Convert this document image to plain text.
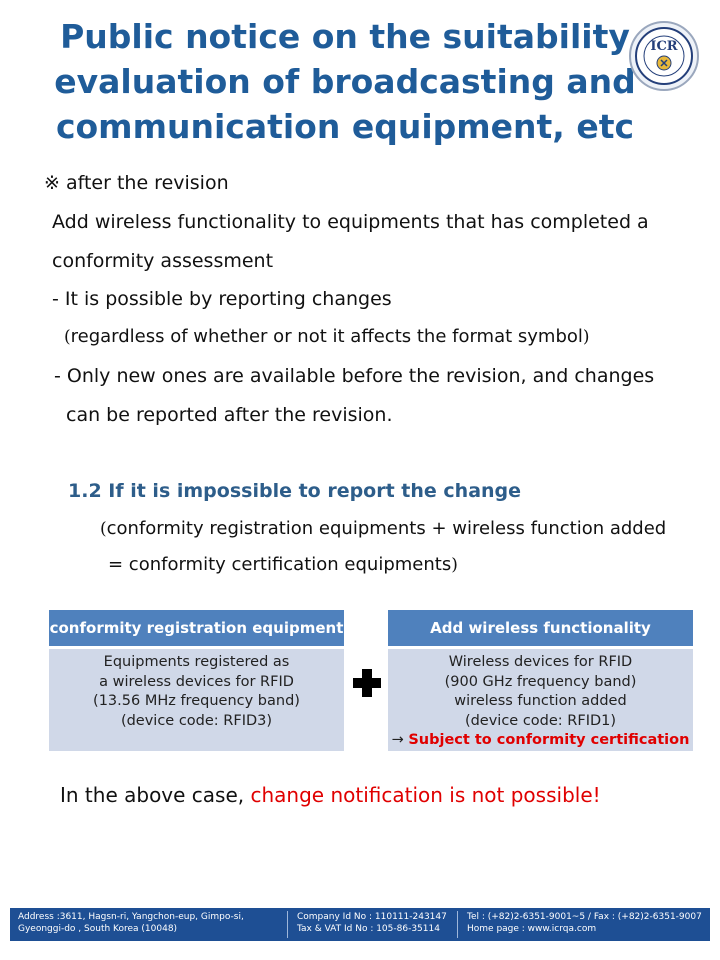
Public notice on the suitability
evaluation of broadcasting and
communication equipment, etc
ICR
※ after the revision
Add wireless functionality to equipments that has completed a
conformity assessment
- It is possible by reporting changes
(regardless of whether or not it affects the format symbol)
- Only new ones are available before the revision, and changes
can be reported after the revision.
1.2 If it is impossible to report the change
(conformity registration equipments + wireless function added
= conformity certification equipments)
conformity registration equipment
Equipments registered as
a wireless devices for RFID
(13.56 MHz frequency band)
(device code: RFID3)
Add wireless functionality
Wireless devices for RFID
(900 GHz frequency band)
wireless function added
(device code: RFID1)
→ Subject to conformity certification
In the above case, change notification is not possible!
Address :3611, Hagsn-ri, Yangchon-eup, Gimpo-si,
Gyeonggi-do , South Korea (10048)
Company Id No : 110111-243147
Tax & VAT Id No : 105-86-35114
Tel : (+82)2-6351-9001~5 / Fax : (+82)2-6351-9007
Home page : www.icrqa.com
